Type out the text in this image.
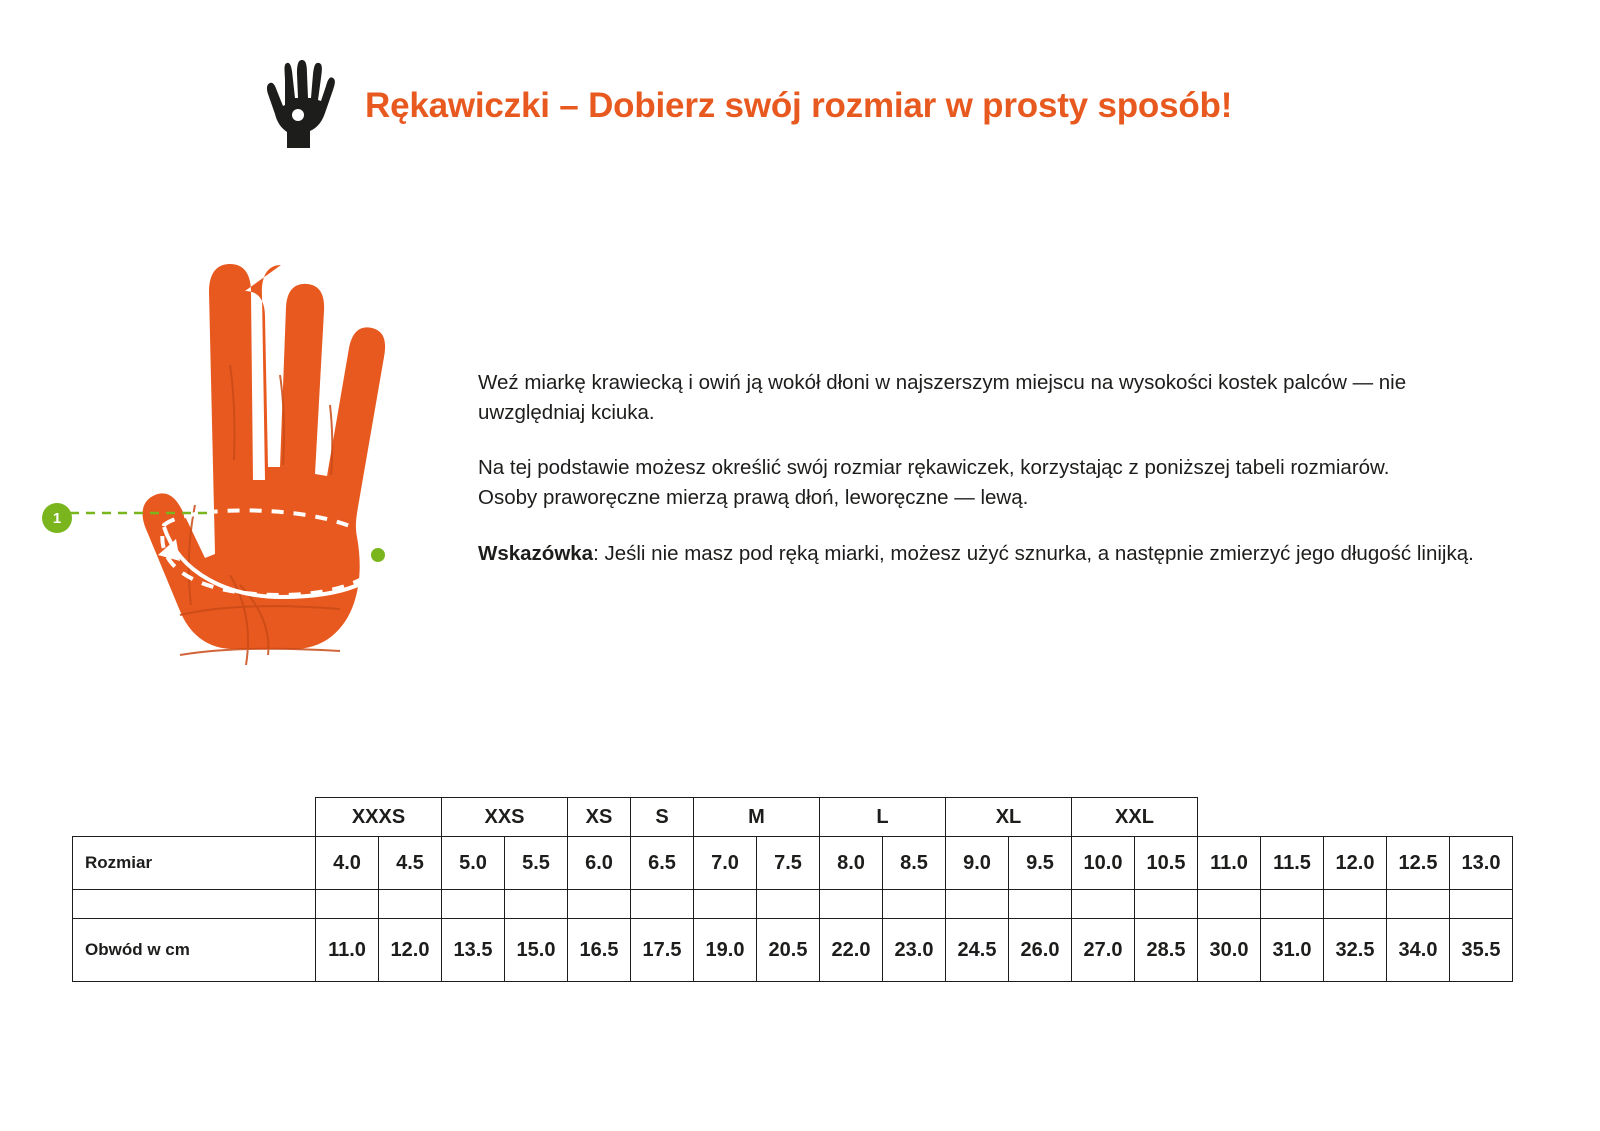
Rękawiczki – Dobierz swój rozmiar w prosty sposób!
1

Weź miarkę krawiecką i owiń ją wokół dłoni w najszerszym miejscu na wysokości kostek palców — nie uwzględniaj kciuka.

Na tej podstawie możesz określić swój rozmiar rękawiczek, korzystając z poniższej tabeli rozmiarów.

Osoby praworęczne mierzą prawą dłoń, leworęczne — lewą.

Wskazówka: Jeśli nie masz pod ręką miarki, możesz użyć sznurka, a następnie zmierzyć jego długość linijką.

	XXXS		XXS		XS	S	M		L		XL		XXL						
Rozmiar	4.0	4.5	5.0	5.5	6.0	6.5	7.0	7.5	8.0	8.5	9.0	9.5	10.0	10.5	11.0	11.5	12.0	12.5	13.0

Obwód w cm	11.0	12.0	13.5	15.0	16.5	17.5	19.0	20.5	22.0	23.0	24.5	26.0	27.0	28.5	30.0	31.0	32.5	34.0	35.5
